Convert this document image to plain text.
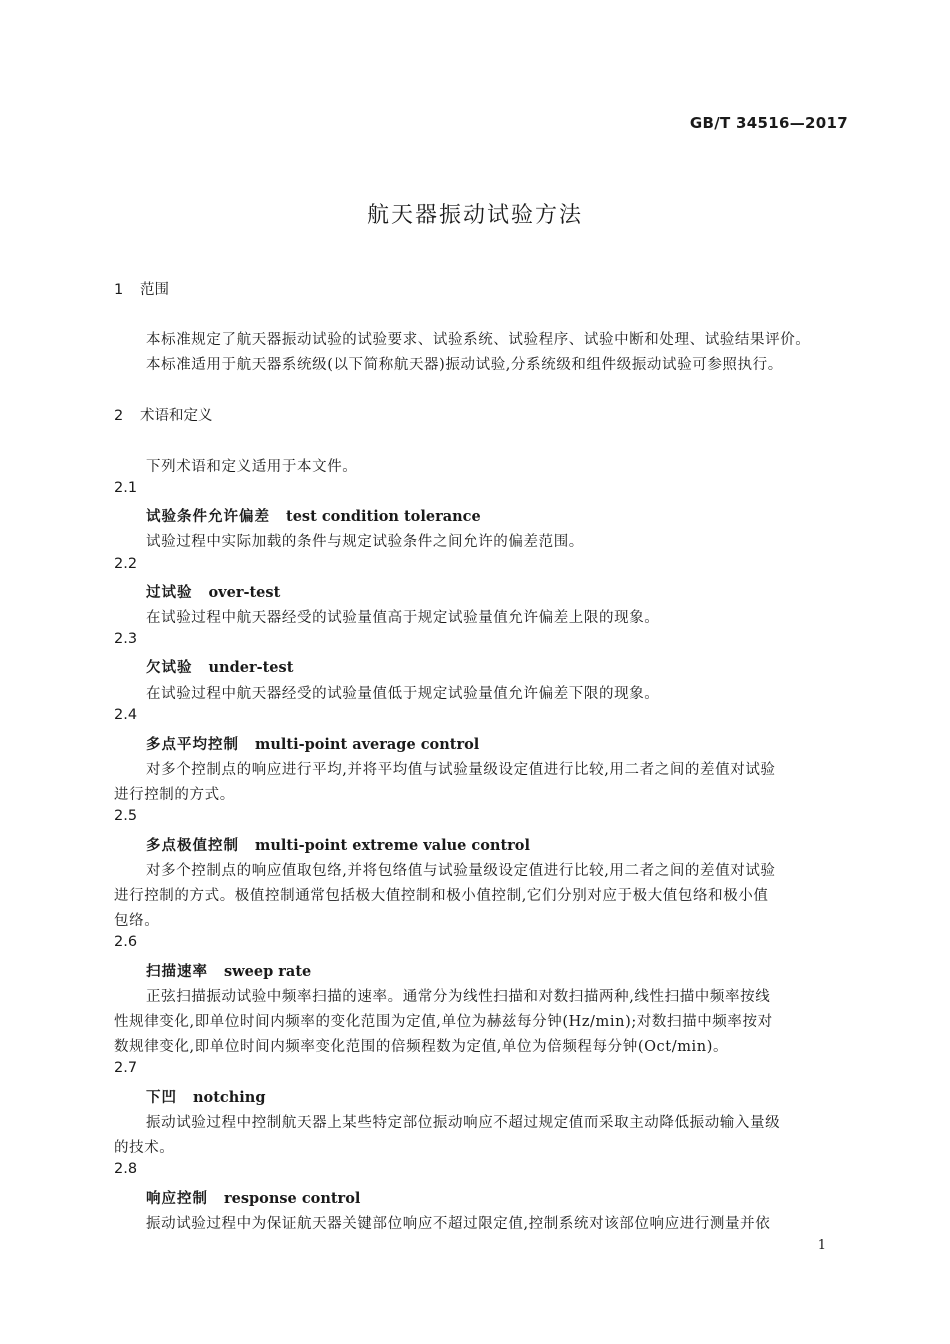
GB/T 34516—2017
航天器振动试验方法
1 范围
本标准规定了航天器振动试验的试验要求、试验系统、试验程序、试验中断和处理、试验结果评价。
本标准适用于航天器系统级(以下简称航天器)振动试验,分系统级和组件级振动试验可参照执行。
2 术语和定义
下列术语和定义适用于本文件。
2.1
试验条件允许偏差 test condition tolerance
试验过程中实际加载的条件与规定试验条件之间允许的偏差范围。
2.2
过试验 over-test
在试验过程中航天器经受的试验量值高于规定试验量值允许偏差上限的现象。
2.3
欠试验 under-test
在试验过程中航天器经受的试验量值低于规定试验量值允许偏差下限的现象。
2.4
多点平均控制 multi-point average control
对多个控制点的响应进行平均,并将平均值与试验量级设定值进行比较,用二者之间的差值对试验
进行控制的方式。
2.5
多点极值控制 multi-point extreme value control
对多个控制点的响应值取包络,并将包络值与试验量级设定值进行比较,用二者之间的差值对试验
进行控制的方式。极值控制通常包括极大值控制和极小值控制,它们分别对应于极大值包络和极小值
包络。
2.6
扫描速率 sweep rate
正弦扫描振动试验中频率扫描的速率。通常分为线性扫描和对数扫描两种,线性扫描中频率按线
性规律变化,即单位时间内频率的变化范围为定值,单位为赫兹每分钟(Hz/min);对数扫描中频率按对
数规律变化,即单位时间内频率变化范围的倍频程数为定值,单位为倍频程每分钟(Oct/min)。
2.7
下凹 notching
振动试验过程中控制航天器上某些特定部位振动响应不超过规定值而采取主动降低振动输入量级
的技术。
2.8
响应控制 response control
振动试验过程中为保证航天器关键部位响应不超过限定值,控制系统对该部位响应进行测量并依
1
